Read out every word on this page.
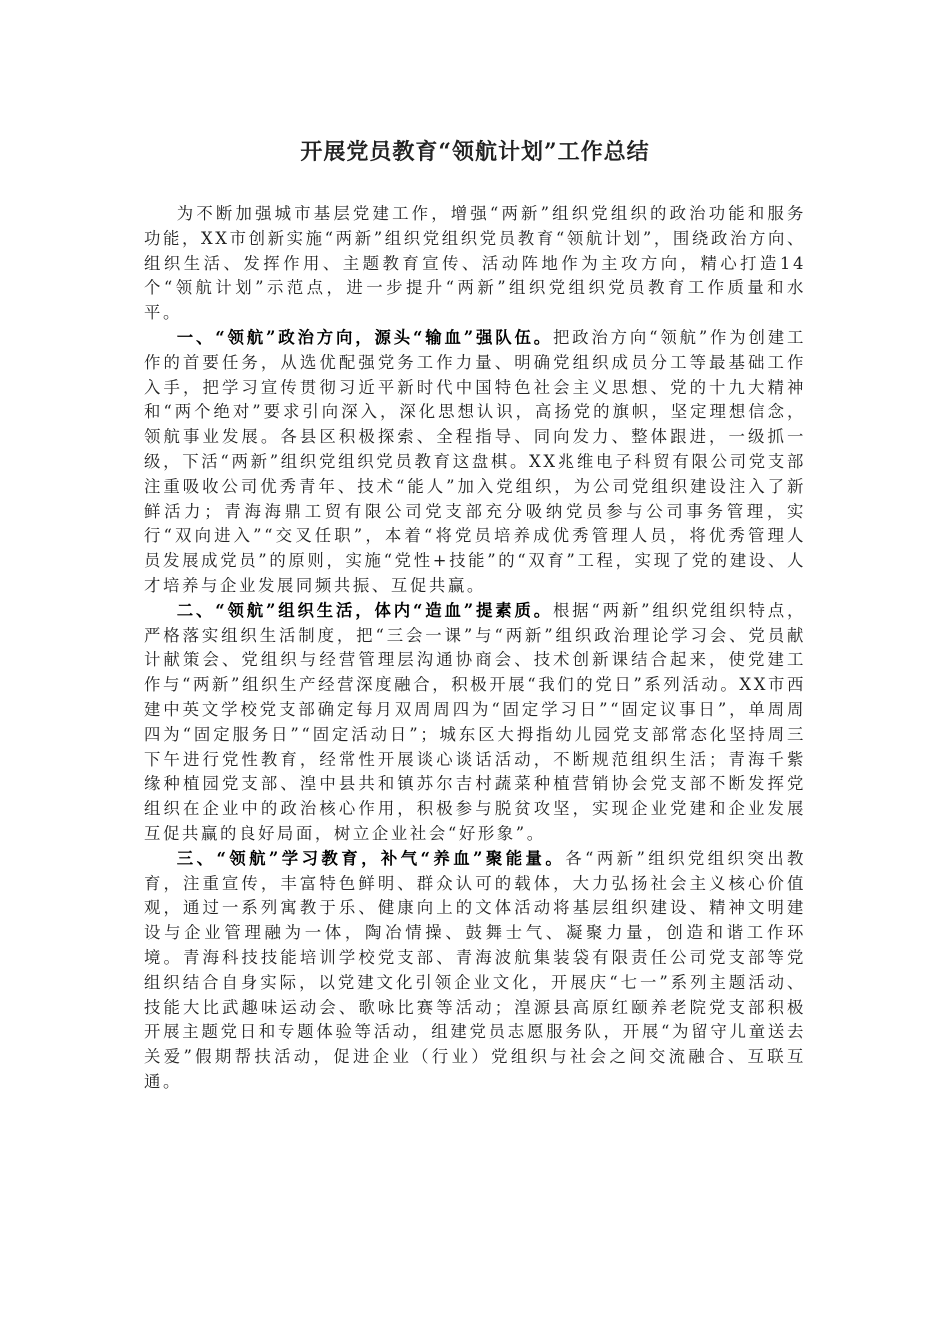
开展党员教育“领航计划”工作总结

为不断加强城市基层党建工作，增强“两新”组织党组织的政治功能和服务功能，XX市创新实施“两新”组织党组织党员教育“领航计划”，围绕政治方向、组织生活、发挥作用、主题教育宣传、活动阵地作为主攻方向，精心打造14个“领航计划”示范点，进一步提升“两新”组织党组织党员教育工作质量和水平。

一、“领航”政治方向，源头“输血”强队伍。把政治方向“领航”作为创建工作的首要任务，从选优配强党务工作力量、明确党组织成员分工等最基础工作入手，把学习宣传贯彻习近平新时代中国特色社会主义思想、党的十九大精神和“两个绝对”要求引向深入，深化思想认识，高扬党的旗帜，坚定理想信念，领航事业发展。各县区积极探索、全程指导、同向发力、整体跟进，一级抓一级，下活“两新”组织党组织党员教育这盘棋。XX兆维电子科贸有限公司党支部注重吸收公司优秀青年、技术“能人”加入党组织，为公司党组织建设注入了新鲜活力；青海海鼎工贸有限公司党支部充分吸纳党员参与公司事务管理，实行“双向进入”“交叉任职”，本着“将党员培养成优秀管理人员，将优秀管理人员发展成党员”的原则，实施“党性+技能”的“双育”工程，实现了党的建设、人才培养与企业发展同频共振、互促共赢。

二、“领航”组织生活，体内“造血”提素质。根据“两新”组织党组织特点，严格落实组织生活制度，把“三会一课”与“两新”组织政治理论学习会、党员献计献策会、党组织与经营管理层沟通协商会、技术创新课结合起来，使党建工作与“两新”组织生产经营深度融合，积极开展“我们的党日”系列活动。XX市西建中英文学校党支部确定每月双周周四为“固定学习日”“固定议事日”，单周周四为“固定服务日”“固定活动日”；城东区大拇指幼儿园党支部常态化坚持周三下午进行党性教育，经常性开展谈心谈话活动，不断规范组织生活；青海千紫缘种植园党支部、湟中县共和镇苏尔吉村蔬菜种植营销协会党支部不断发挥党组织在企业中的政治核心作用，积极参与脱贫攻坚，实现企业党建和企业发展互促共赢的良好局面，树立企业社会“好形象”。

三、“领航”学习教育，补气“养血”聚能量。各“两新”组织党组织突出教育，注重宣传，丰富特色鲜明、群众认可的载体，大力弘扬社会主义核心价值观，通过一系列寓教于乐、健康向上的文体活动将基层组织建设、精神文明建设与企业管理融为一体，陶冶情操、鼓舞士气、凝聚力量，创造和谐工作环境。青海科技技能培训学校党支部、青海波航集装袋有限责任公司党支部等党组织结合自身实际，以党建文化引领企业文化，开展庆“七一”系列主题活动、技能大比武趣味运动会、歌咏比赛等活动；湟源县高原红颐养老院党支部积极开展主题党日和专题体验等活动，组建党员志愿服务队，开展“为留守儿童送去关爱”假期帮扶活动，促进企业（行业）党组织与社会之间交流融合、互联互通。
